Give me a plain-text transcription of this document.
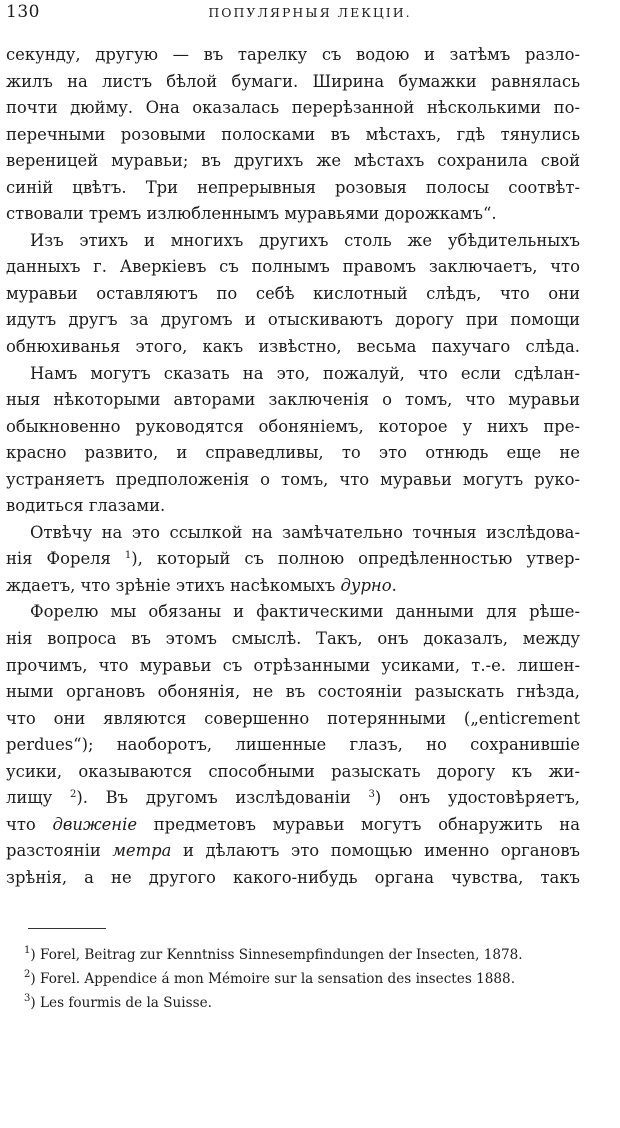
130	ПОПУЛЯРНЫЯ ЛЕКЦІИ.
секунду, другую — въ тарелку съ водою и затѣмъ разло-
жилъ на листъ бѣлой бумаги. Ширина бумажки равнялась
почти дюйму. Она оказалась перерѣзанной нѣсколькими по-
перечными розовыми полосками въ мѣстахъ, гдѣ тянулись
вереницей муравьи; въ другихъ же мѣстахъ сохранила свой
синій цвѣтъ. Три непрерывныя розовыя полосы соотвѣт-
ствовали тремъ излюбленнымъ муравьями дорожкамъ“.
Изъ этихъ и многихъ другихъ столь же убѣдительныхъ
данныхъ г. Аверкіевъ съ полнымъ правомъ заключаетъ, что
муравьи оставляютъ по себѣ кислотный слѣдъ, что они
идутъ другъ за другомъ и отыскиваютъ дорогу при помощи
обнюхиванья этого, какъ извѣстно, весьма пахучаго слѣда.
Намъ могутъ сказать на это, пожалуй, что если сдѣлан-
ныя нѣкоторыми авторами заключенія о томъ, что муравьи
обыкновенно руководятся обоняніемъ, которое у нихъ пре-
красно развито, и справедливы, то это отнюдь еще не
устраняетъ предположенія о томъ, что муравьи могутъ руко-
водиться глазами.
Отвѣчу на это ссылкой на замѣчательно точныя изслѣдова-
нія Фореля $^1$), который съ полною опредѣленностью утвер-
ждаетъ, что зрѣніе этихъ насѣкомыхъ дурно.
Форелю мы обязаны и фактическими данными для рѣше-
нія вопроса въ этомъ смыслѣ. Такъ, онъ доказалъ, между
прочимъ, что муравьи съ отрѣзанными усиками, т.-е. лишен-
ными органовъ обонянія, не въ состояніи разыскать гнѣзда,
что они являются совершенно потерянными („enticrement
perdues“); наоборотъ, лишенные глазъ, но сохранившіе
усики, оказываются способными разыскать дорогу къ жи-
лищу $^2$). Въ другомъ изслѣдованіи $^3$) онъ удостовѣряетъ,
что движеніе предметовъ муравьи могутъ обнаружить на
разстояніи метра и дѣлаютъ это помощью именно органовъ
зрѣнія, а не другого какого-нибудь органа чувства, такъ
$^1$) Forel, Beitrag zur Kenntniss Sinnesempfindungen der Insecten, 1878.
$^2$) Forel. Appendice á mon Mémoire sur la sensation des insectes 1888.
$^3$) Les fourmis de la Suisse.
